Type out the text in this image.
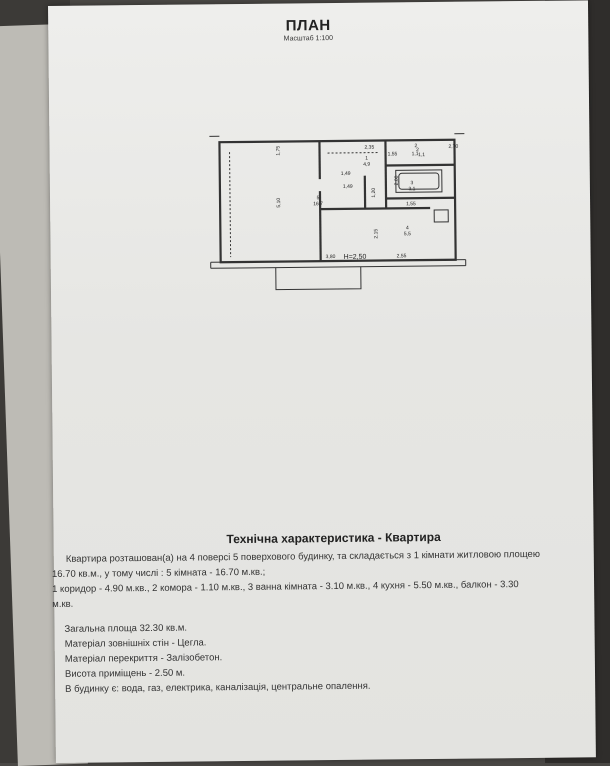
ПЛАН
Масштаб 1:100
2,35	2	2,70
1,55	1,1
1,55
1,75
1,49
1,49
1,20
2,00
2,15
5,10
3,80	2,55
H=2,50
5
16,7
1
4,9
2
1,1
3
3,1
4
5,5
Технічна характеристика - Квартира
Квартира розташован(а) на 4 поверсі 5 поверхового будинку, та складається з 1 кімнати житловою площею
16.70 кв.м., у тому числі : 5 кімната - 16.70 м.кв.;
1 коридор - 4.90 м.кв., 2 комора - 1.10 м.кв., 3 ванна кімната - 3.10 м.кв., 4 кухня - 5.50 м.кв., балкон - 3.30
м.кв.
Загальна площа 32.30 кв.м.
Матеріал зовнішніх стін - Цегла.
Матеріал перекриття - Залізобетон.
Висота приміщень - 2.50 м.
В будинку є: вода, газ, електрика, каналізація, центральне опалення.
